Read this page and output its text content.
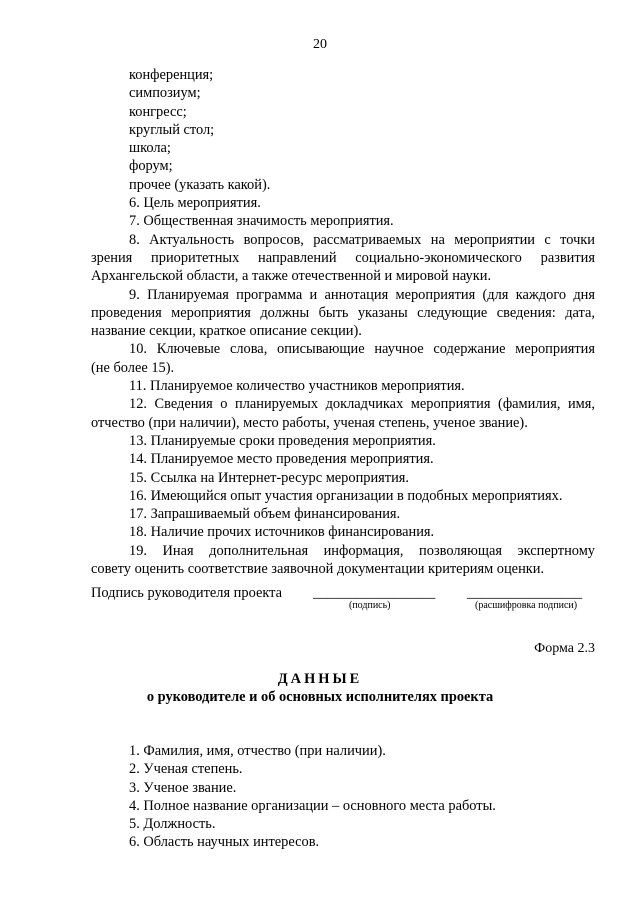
20
конференция;
симпозиум;
конгресс;
круглый стол;
школа;
форум;
прочее (указать какой).
6. Цель мероприятия.
7. Общественная значимость мероприятия.
8. Актуальность вопросов, рассматриваемых на мероприятии с точки
зрения приоритетных направлений социально-экономического развития
Архангельской области, а также отечественной и мировой науки.
9. Планируемая программа и аннотация мероприятия (для каждого дня
проведения мероприятия должны быть указаны следующие сведения: дата,
название секции, краткое описание секции).
10. Ключевые слова, описывающие научное содержание мероприятия
(не более 15).
11. Планируемое количество участников мероприятия.
12. Сведения о планируемых докладчиках мероприятия (фамилия, имя,
отчество (при наличии), место работы, ученая степень, ученое звание).
13. Планируемые сроки проведения мероприятия.
14. Планируемое место проведения мероприятия.
15. Ссылка на Интернет-ресурс мероприятия.
16. Имеющийся опыт участия организации в подобных мероприятиях.
17. Запрашиваемый объем финансирования.
18. Наличие прочих источников финансирования.
19. Иная дополнительная информация, позволяющая экспертному
совету оценить соответствие заявочной документации критериям оценки.
Подпись руководителя проекта _________________ ________________
(подпись)	(расшифровка подписи)
Форма 2.3
ДАННЫЕ
о руководителе и об основных исполнителях проекта
1. Фамилия, имя, отчество (при наличии).
2. Ученая степень.
3. Ученое звание.
4. Полное название организации – основного места работы.
5. Должность.
6. Область научных интересов.
